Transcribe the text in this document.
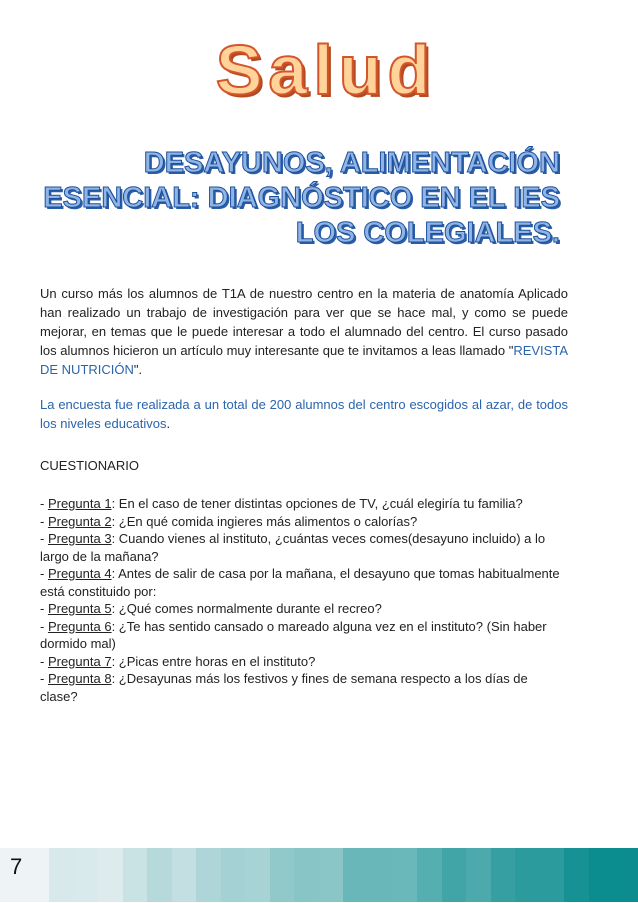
Salud
DESAYUNOS, ALIMENTACIÓN
ESENCIAL: DIAGNÓSTICO EN EL IES
LOS COLEGIALES.
Un curso más los alumnos de T1A de nuestro centro en la materia de anatomía Aplicado han realizado un trabajo de investigación para ver que se hace mal, y como se puede mejorar, en temas que le puede interesar a todo el alumnado del centro. El curso pasado los alumnos hicieron un artículo muy interesante que te invitamos a leas llamado "REVISTA DE NUTRICIÓN".
La encuesta fue realizada a un total de 200 alumnos del centro escogidos al azar, de todos los niveles educativos.
CUESTIONARIO
- Pregunta 1: En el caso de tener distintas opciones de TV, ¿cuál elegiría tu familia?
- Pregunta 2: ¿En qué comida ingieres más alimentos o calorías?
- Pregunta 3: Cuando vienes al instituto, ¿cuántas veces comes(desayuno incluido) a lo largo de la mañana?
- Pregunta 4: Antes de salir de casa por la mañana, el desayuno que tomas habitualmente está constituido por:
- Pregunta 5: ¿Qué comes normalmente durante el recreo?
- Pregunta 6: ¿Te has sentido cansado o mareado alguna vez en el instituto? (Sin haber dormido mal)
- Pregunta 7: ¿Picas entre horas en el instituto?
- Pregunta 8: ¿Desayunas más los festivos y fines de semana respecto a los días de clase?
7
